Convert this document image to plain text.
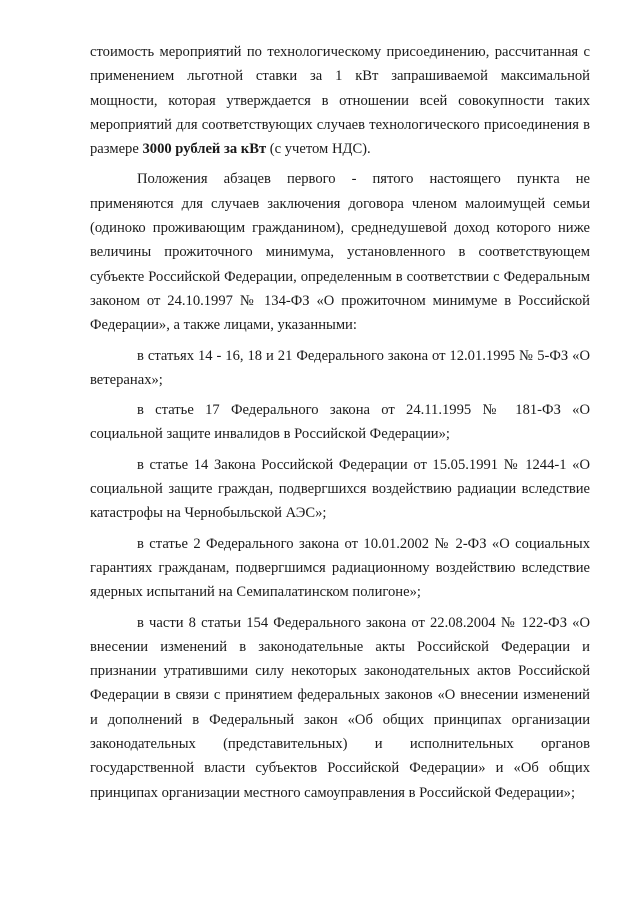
стоимость мероприятий по технологическому присоединению, рассчитанная с применением льготной ставки за 1 кВт запрашиваемой максимальной мощности, которая утверждается в отношении всей совокупности таких мероприятий для соответствующих случаев технологического присоединения в размере 3000 рублей за кВт (с учетом НДС).

Положения абзацев первого - пятого настоящего пункта не применяются для случаев заключения договора членом малоимущей семьи (одиноко проживающим гражданином), среднедушевой доход которого ниже величины прожиточного минимума, установленного в соответствующем субъекте Российской Федерации, определенным в соответствии с Федеральным законом от 24.10.1997 № 134-ФЗ «О прожиточном минимуме в Российской Федерации», а также лицами, указанными:

в статьях 14 - 16, 18 и 21 Федерального закона от 12.01.1995 № 5-ФЗ «О ветеранах»;

в статье 17 Федерального закона от 24.11.1995 № 181-ФЗ «О социальной защите инвалидов в Российской Федерации»;

в статье 14 Закона Российской Федерации от 15.05.1991 № 1244-1 «О социальной защите граждан, подвергшихся воздействию радиации вследствие катастрофы на Чернобыльской АЭС»;

в статье 2 Федерального закона от 10.01.2002 № 2-ФЗ «О социальных гарантиях гражданам, подвергшимся радиационному воздействию вследствие ядерных испытаний на Семипалатинском полигоне»;

в части 8 статьи 154 Федерального закона от 22.08.2004 № 122-ФЗ «О внесении изменений в законодательные акты Российской Федерации и признании утратившими силу некоторых законодательных актов Российской Федерации в связи с принятием федеральных законов «О внесении изменений и дополнений в Федеральный закон «Об общих принципах организации законодательных (представительных) и исполнительных органов государственной власти субъектов Российской Федерации» и «Об общих принципах организации местного самоуправления в Российской Федерации»;
